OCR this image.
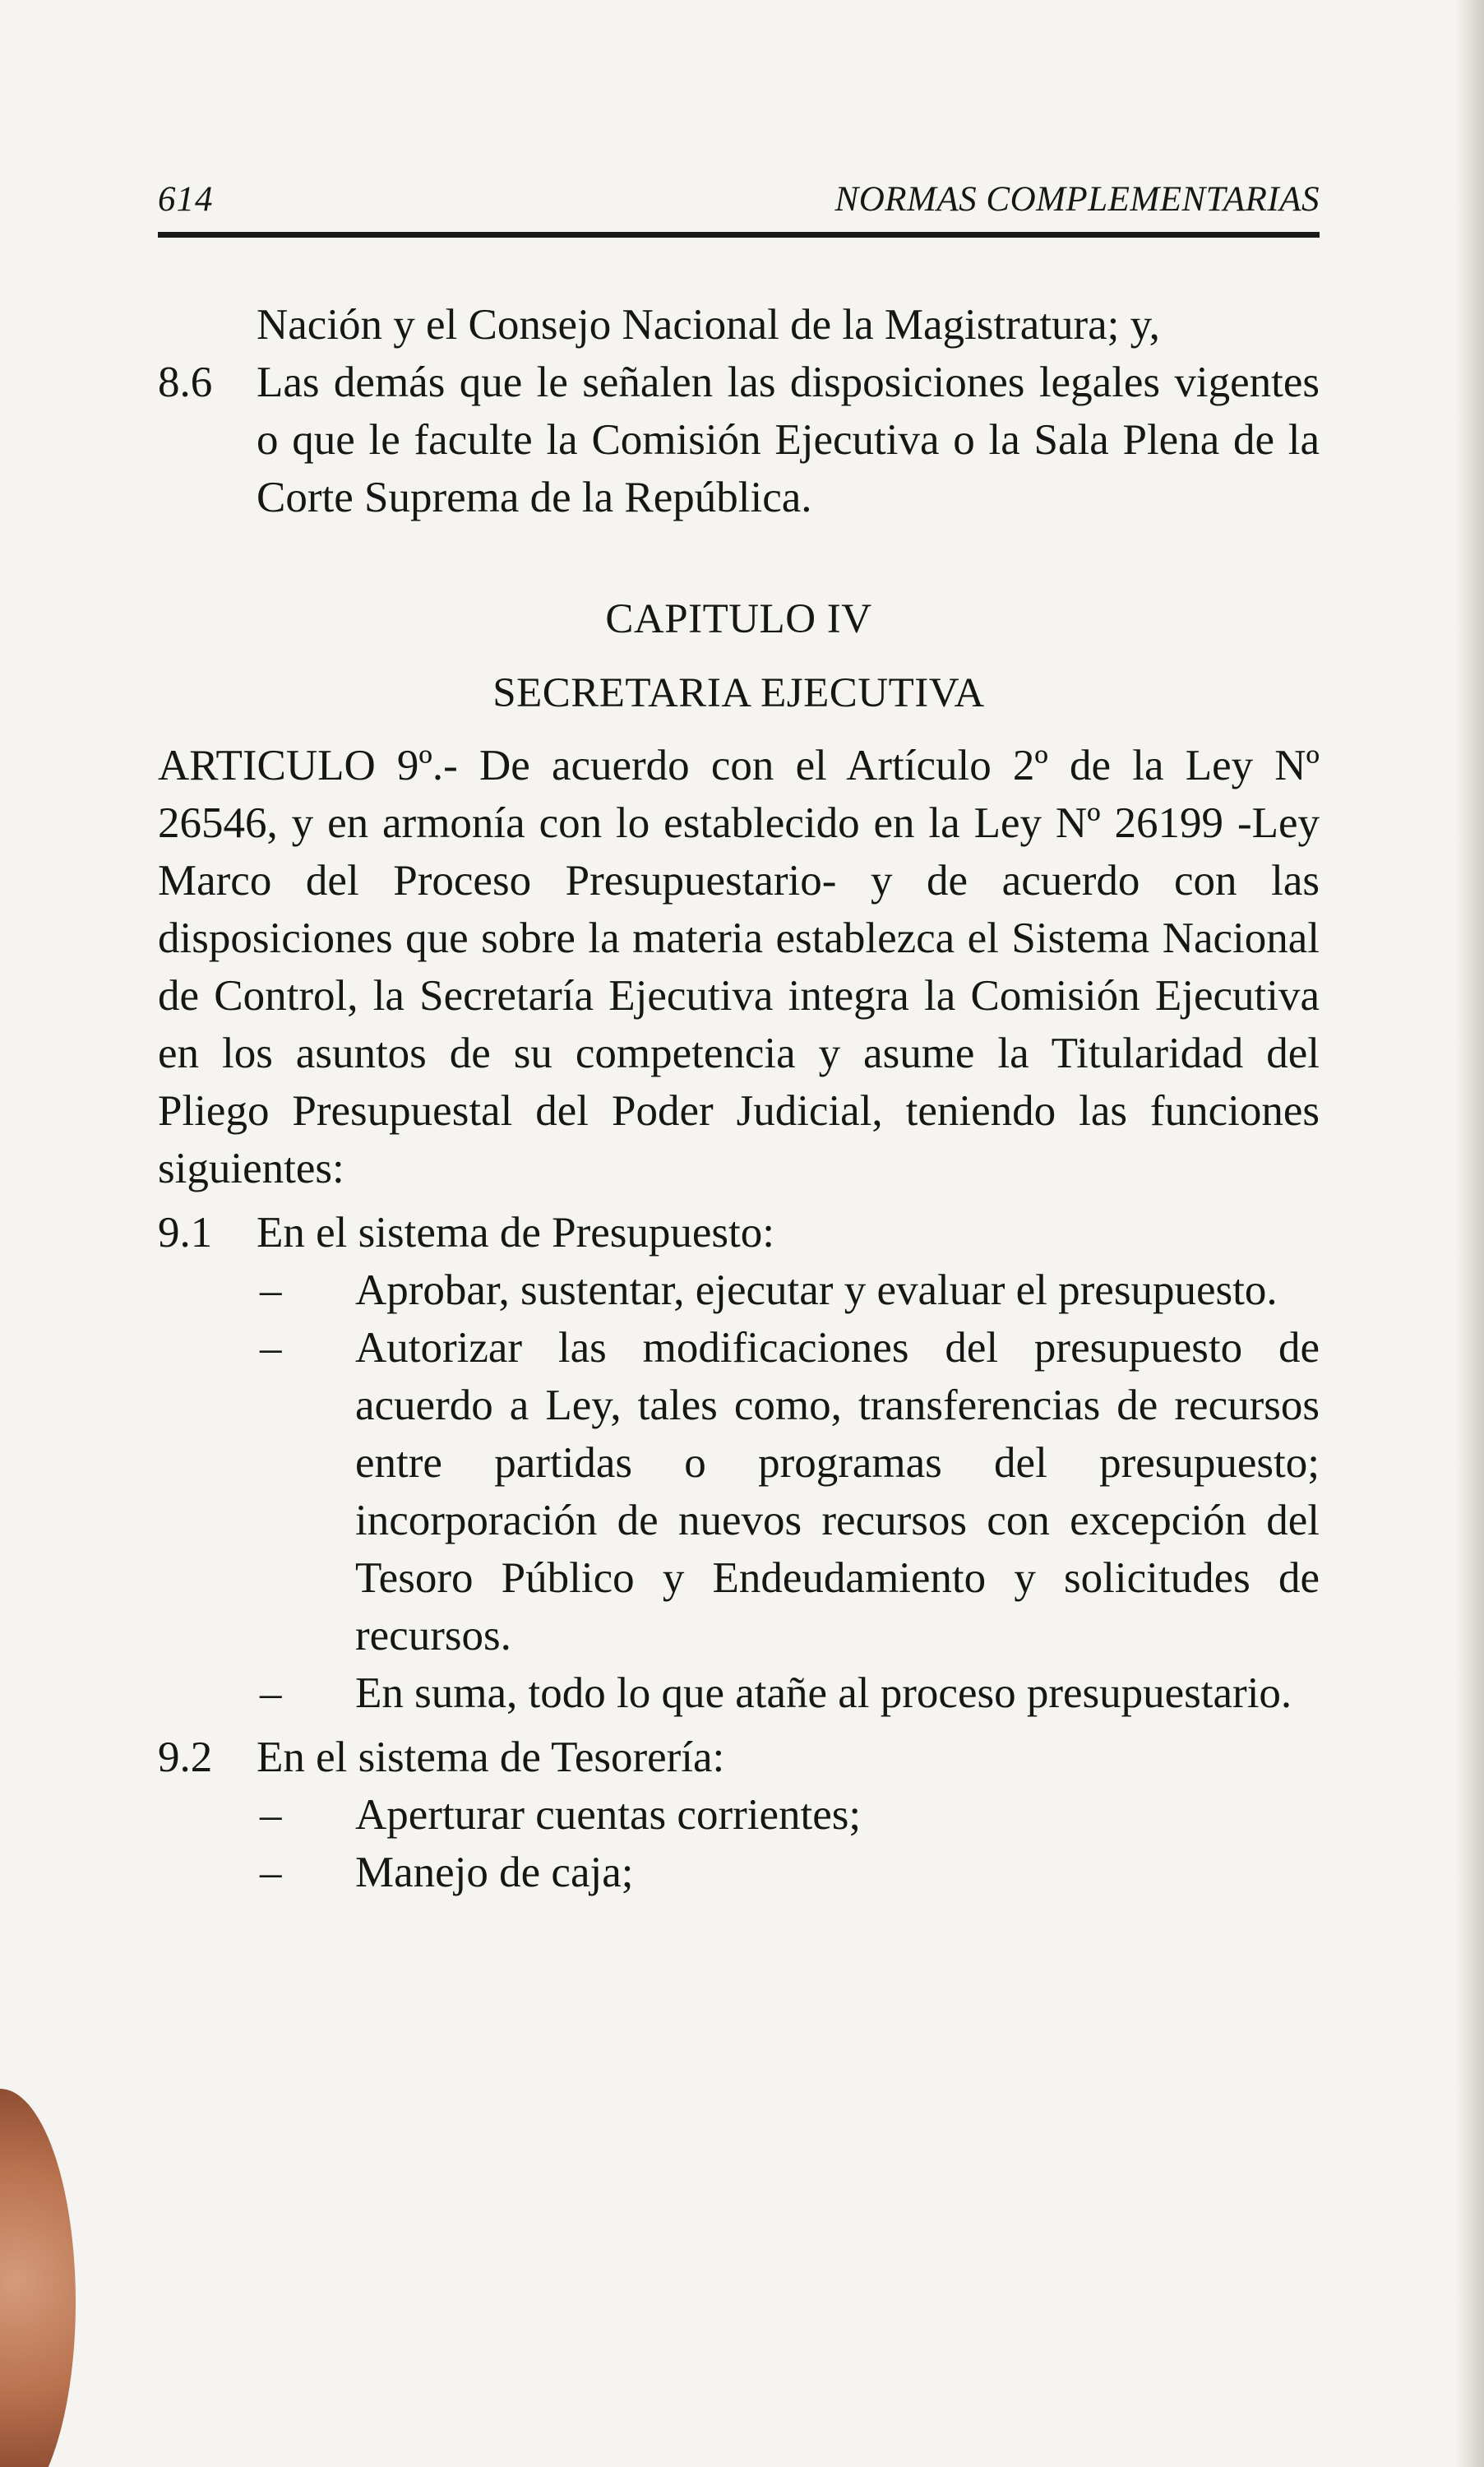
614	NORMAS COMPLEMENTARIAS
Nación y el Consejo Nacional de la Magistratura; y,
8.6 Las demás que le señalen las disposiciones legales vigentes o que le faculte la Comisión Ejecutiva o la Sala Plena de la Corte Suprema de la República.
CAPITULO IV
SECRETARIA EJECUTIVA
ARTICULO 9º.- De acuerdo con el Artículo 2º de la Ley Nº 26546, y en armonía con lo establecido en la Ley Nº 26199 -Ley Marco del Proceso Presupuestario- y de acuerdo con las disposiciones que sobre la materia establezca el Sistema Nacional de Control, la Secretaría Ejecutiva integra la Comisión Ejecutiva en los asuntos de su competencia y asume la Titularidad del Pliego Presupuestal del Poder Judicial, teniendo las funciones siguientes:
9.1 En el sistema de Presupuesto:
– Aprobar, sustentar, ejecutar y evaluar el presupuesto.
– Autorizar las modificaciones del presupuesto de acuerdo a Ley, tales como, transferencias de recursos entre partidas o programas del presupuesto; incorporación de nuevos recursos con excepción del Tesoro Público y Endeudamiento y solicitudes de recursos.
– En suma, todo lo que atañe al proceso presupuestario.
9.2 En el sistema de Tesorería:
– Aperturar cuentas corrientes;
– Manejo de caja;
